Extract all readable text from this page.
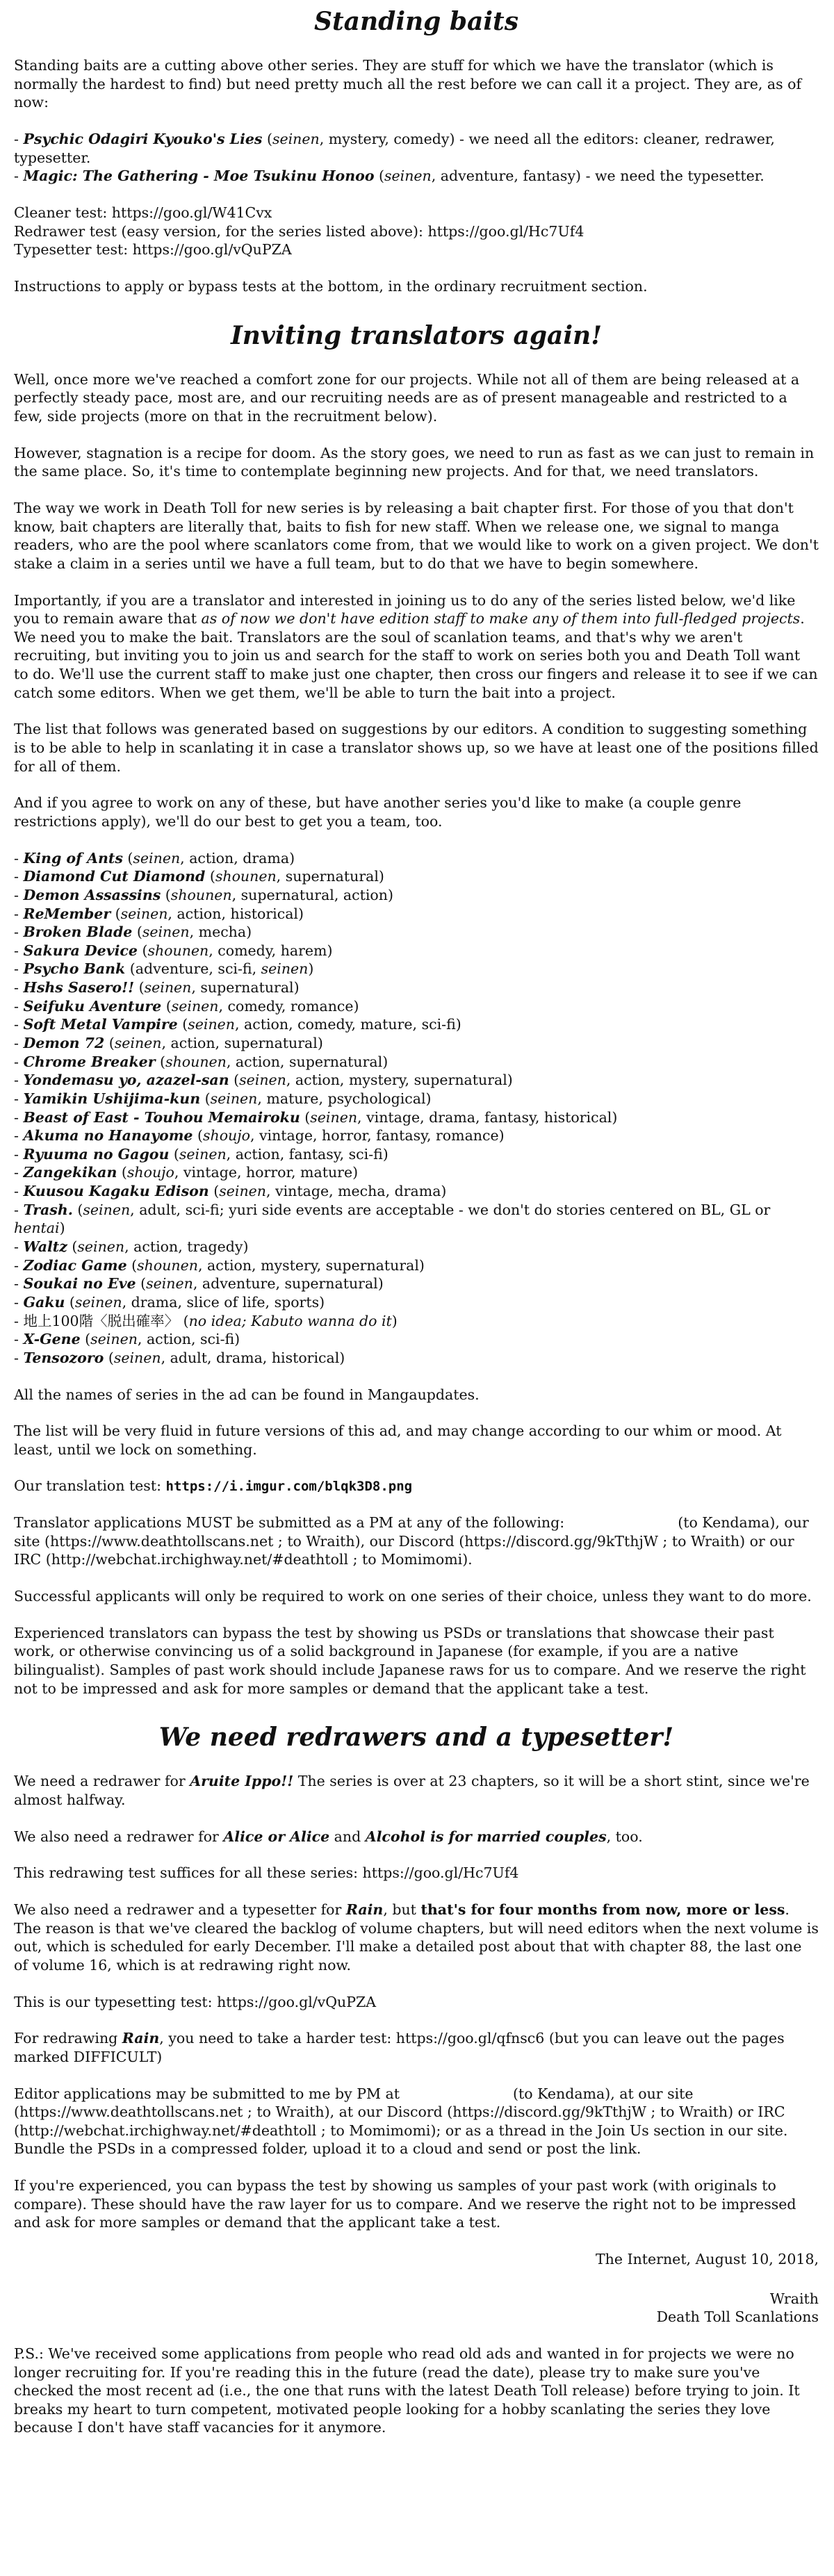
Standing baits

Standing baits are a cutting above other series. They are stuff for which we have the translator (which is normally the hardest to find) but need pretty much all the rest before we can call it a project. They are, as of now:

- Psychic Odagiri Kyouko's Lies (seinen, mystery, comedy) - we need all the editors: cleaner, redrawer, typesetter.
- Magic: The Gathering - Moe Tsukinu Honoo (seinen, adventure, fantasy) - we need the typesetter.
Cleaner test: https://goo.gl/W41Cvx
Redrawer test (easy version, for the series listed above): https://goo.gl/Hc7Uf4
Typesetter test: https://goo.gl/vQuPZA

Instructions to apply or bypass tests at the bottom, in the ordinary recruitment section.

Inviting translators again!

Well, once more we've reached a comfort zone for our projects. While not all of them are being released at a perfectly steady pace, most are, and our recruiting needs are as of present manageable and restricted to a few, side projects (more on that in the recruitment below).

However, stagnation is a recipe for doom. As the story goes, we need to run as fast as we can just to remain in the same place. So, it's time to contemplate beginning new projects. And for that, we need translators.

The way we work in Death Toll for new series is by releasing a bait chapter first. For those of you that don't know, bait chapters are literally that, baits to fish for new staff. When we release one, we signal to manga readers, who are the pool where scanlators come from, that we would like to work on a given project. We don't stake a claim in a series until we have a full team, but to do that we have to begin somewhere.

Importantly, if you are a translator and interested in joining us to do any of the series listed below, we'd like you to remain aware that as of now we don't have edition staff to make any of them into full-fledged projects. We need you to make the bait. Translators are the soul of scanlation teams, and that's why we aren't recruiting, but inviting you to join us and search for the staff to work on series both you and Death Toll want to do. We'll use the current staff to make just one chapter, then cross our fingers and release it to see if we can catch some editors. When we get them, we'll be able to turn the bait into a project.

The list that follows was generated based on suggestions by our editors. A condition to suggesting something is to be able to help in scanlating it in case a translator shows up, so we have at least one of the positions filled for all of them.

And if you agree to work on any of these, but have another series you'd like to make (a couple genre restrictions apply), we'll do our best to get you a team, too.

- King of Ants (seinen, action, drama)
- Diamond Cut Diamond (shounen, supernatural)
- Demon Assassins (shounen, supernatural, action)
- ReMember (seinen, action, historical)
- Broken Blade (seinen, mecha)
- Sakura Device (shounen, comedy, harem)
- Psycho Bank (adventure, sci-fi, seinen)
- Hshs Sasero!! (seinen, supernatural)
- Seifuku Aventure (seinen, comedy, romance)
- Soft Metal Vampire (seinen, action, comedy, mature, sci-fi)
- Demon 72 (seinen, action, supernatural)
- Chrome Breaker (shounen, action, supernatural)
- Yondemasu yo, azazel-san (seinen, action, mystery, supernatural)
- Yamikin Ushijima-kun (seinen, mature, psychological)
- Beast of East - Touhou Memairoku (seinen, vintage, drama, fantasy, historical)
- Akuma no Hanayome (shoujo, vintage, horror, fantasy, romance)
- Ryuuma no Gagou (seinen, action, fantasy, sci-fi)
- Zangekikan (shoujo, vintage, horror, mature)
- Kuusou Kagaku Edison (seinen, vintage, mecha, drama)
- Trash. (seinen, adult, sci-fi; yuri side events are acceptable - we don't do stories centered on BL, GL or hentai)
- Waltz (seinen, action, tragedy)
- Zodiac Game (shounen, action, mystery, supernatural)
- Soukai no Eve (seinen, adventure, supernatural)
- Gaku (seinen, drama, slice of life, sports)
- 地上100階〈脱出確率〉 (no idea; Kabuto wanna do it)
- X-Gene (seinen, action, sci-fi)
- Tensozoro (seinen, adult, drama, historical)

All the names of series in the ad can be found in Mangaupdates.

The list will be very fluid in future versions of this ad, and may change according to our whim or mood. At least, until we lock on something.

Our translation test: https://i.imgur.com/blqk3D8.png

Translator applications MUST be submitted as a PM at any of the following:	(to Kendama), our site (https://www.deathtollscans.net ; to Wraith), our Discord (https://discord.gg/9kTthjW ; to Wraith) or our IRC (http://webchat.irchighway.net/#deathtoll ; to Momimomi).

Successful applicants will only be required to work on one series of their choice, unless they want to do more.

Experienced translators can bypass the test by showing us PSDs or translations that showcase their past work, or otherwise convincing us of a solid background in Japanese (for example, if you are a native bilingualist). Samples of past work should include Japanese raws for us to compare. And we reserve the right not to be impressed and ask for more samples or demand that the applicant take a test.

We need redrawers and a typesetter!

We need a redrawer for Aruite Ippo!! The series is over at 23 chapters, so it will be a short stint, since we're almost halfway.

We also need a redrawer for Alice or Alice and Alcohol is for married couples, too.

This redrawing test suffices for all these series: https://goo.gl/Hc7Uf4

We also need a redrawer and a typesetter for Rain, but that's for four months from now, more or less. The reason is that we've cleared the backlog of volume chapters, but will need editors when the next volume is out, which is scheduled for early December. I'll make a detailed post about that with chapter 88, the last one of volume 16, which is at redrawing right now.

This is our typesetting test: https://goo.gl/vQuPZA

For redrawing Rain, you need to take a harder test: https://goo.gl/qfnsc6 (but you can leave out the pages marked DIFFICULT)

Editor applications may be submitted to me by PM at	(to Kendama), at our site (https://www.deathtollscans.net ; to Wraith), at our Discord (https://discord.gg/9kTthjW ; to Wraith) or IRC (http://webchat.irchighway.net/#deathtoll ; to Momimomi); or as a thread in the Join Us section in our site. Bundle the PSDs in a compressed folder, upload it to a cloud and send or post the link.

If you're experienced, you can bypass the test by showing us samples of your past work (with originals to compare). These should have the raw layer for us to compare. And we reserve the right not to be impressed and ask for more samples or demand that the applicant take a test.

The Internet, August 10, 2018,
Wraith
Death Toll Scanlations

P.S.: We've received some applications from people who read old ads and wanted in for projects we were no longer recruiting for. If you're reading this in the future (read the date), please try to make sure you've checked the most recent ad (i.e., the one that runs with the latest Death Toll release) before trying to join. It breaks my heart to turn competent, motivated people looking for a hobby scanlating the series they love because I don't have staff vacancies for it anymore.
